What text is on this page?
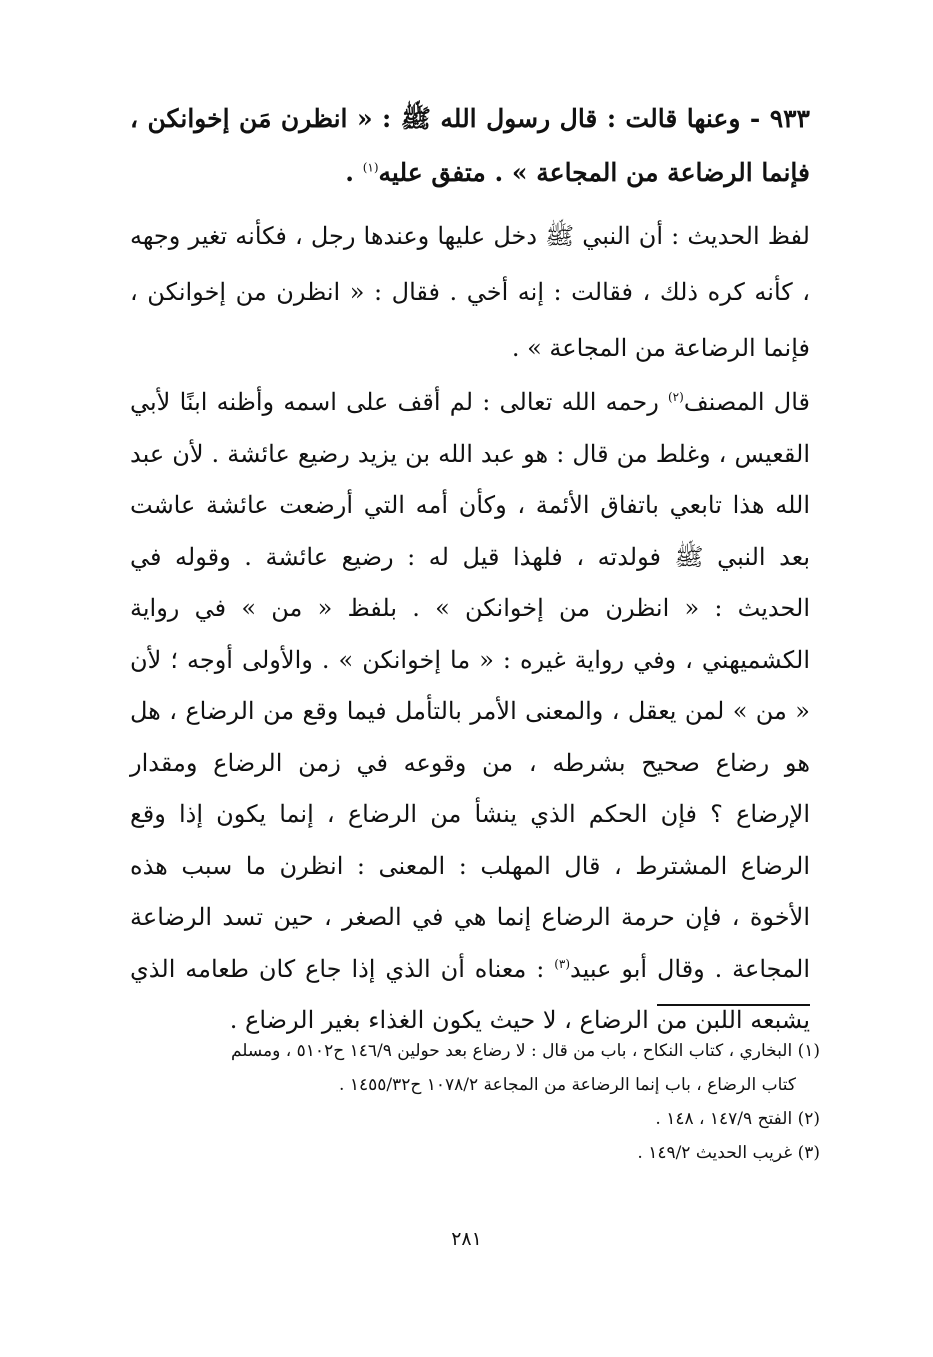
٩٣٣ - وعنها قالت : قال رسول الله ﷺ : « انظرن مَن إخوانكن ، فإنما الرضاعة من المجاعة » . متفق عليه$^{(١)}$ .
لفظ الحديث : أن النبي ﷺ دخل عليها وعندها رجل ، فكأنه تغير وجهه ، كأنه كره ذلك ، فقالت : إنه أخي . فقال : « انظرن من إخوانكن ، فإنما الرضاعة من المجاعة » .
قال المصنف$^{(٢)}$ رحمه الله تعالى : لم أقف على اسمه وأظنه ابنًا لأبي القعيس ، وغلط من قال : هو عبد الله بن يزيد رضيع عائشة . لأن عبد الله هذا تابعي باتفاق الأئمة ، وكأن أمه التي أرضعت عائشة عاشت بعد النبي ﷺ فولدته ، فلهذا قيل له : رضيع عائشة . وقوله في الحديث : « انظرن من إخوانكن » . بلفظ « من » في رواية الكشميهني ، وفي رواية غيره : « ما إخوانكن » . والأولى أوجه ؛ لأن « من » لمن يعقل ، والمعنى الأمر بالتأمل فيما وقع من الرضاع ، هل هو رضاع صحيح بشرطه ، من وقوعه في زمن الرضاع ومقدار الإرضاع ؟ فإن الحكم الذي ينشأ من الرضاع ، إنما يكون إذا وقع الرضاع المشترط ، قال المهلب : المعنى : انظرن ما سبب هذه الأخوة ، فإن حرمة الرضاع إنما هي في الصغر ، حين تسد الرضاعة المجاعة . وقال أبو عبيد$^{(٣)}$ : معناه أن الذي إذا جاع كان طعامه الذي يشبعه اللبن من الرضاع ، لا حيث يكون الغذاء بغير الرضاع .
(١) البخاري ، كتاب النكاح ، باب من قال : لا رضاع بعد حولين ١٤٦/٩ ح٥١٠٢ ، ومسلم
كتاب الرضاع ، باب إنما الرضاعة من المجاعة ١٠٧٨/٢ ح١٤٥٥/٣٢ .
(٢) الفتح ١٤٧/٩ ، ١٤٨ .
(٣) غريب الحديث ١٤٩/٢ .
٢٨١
